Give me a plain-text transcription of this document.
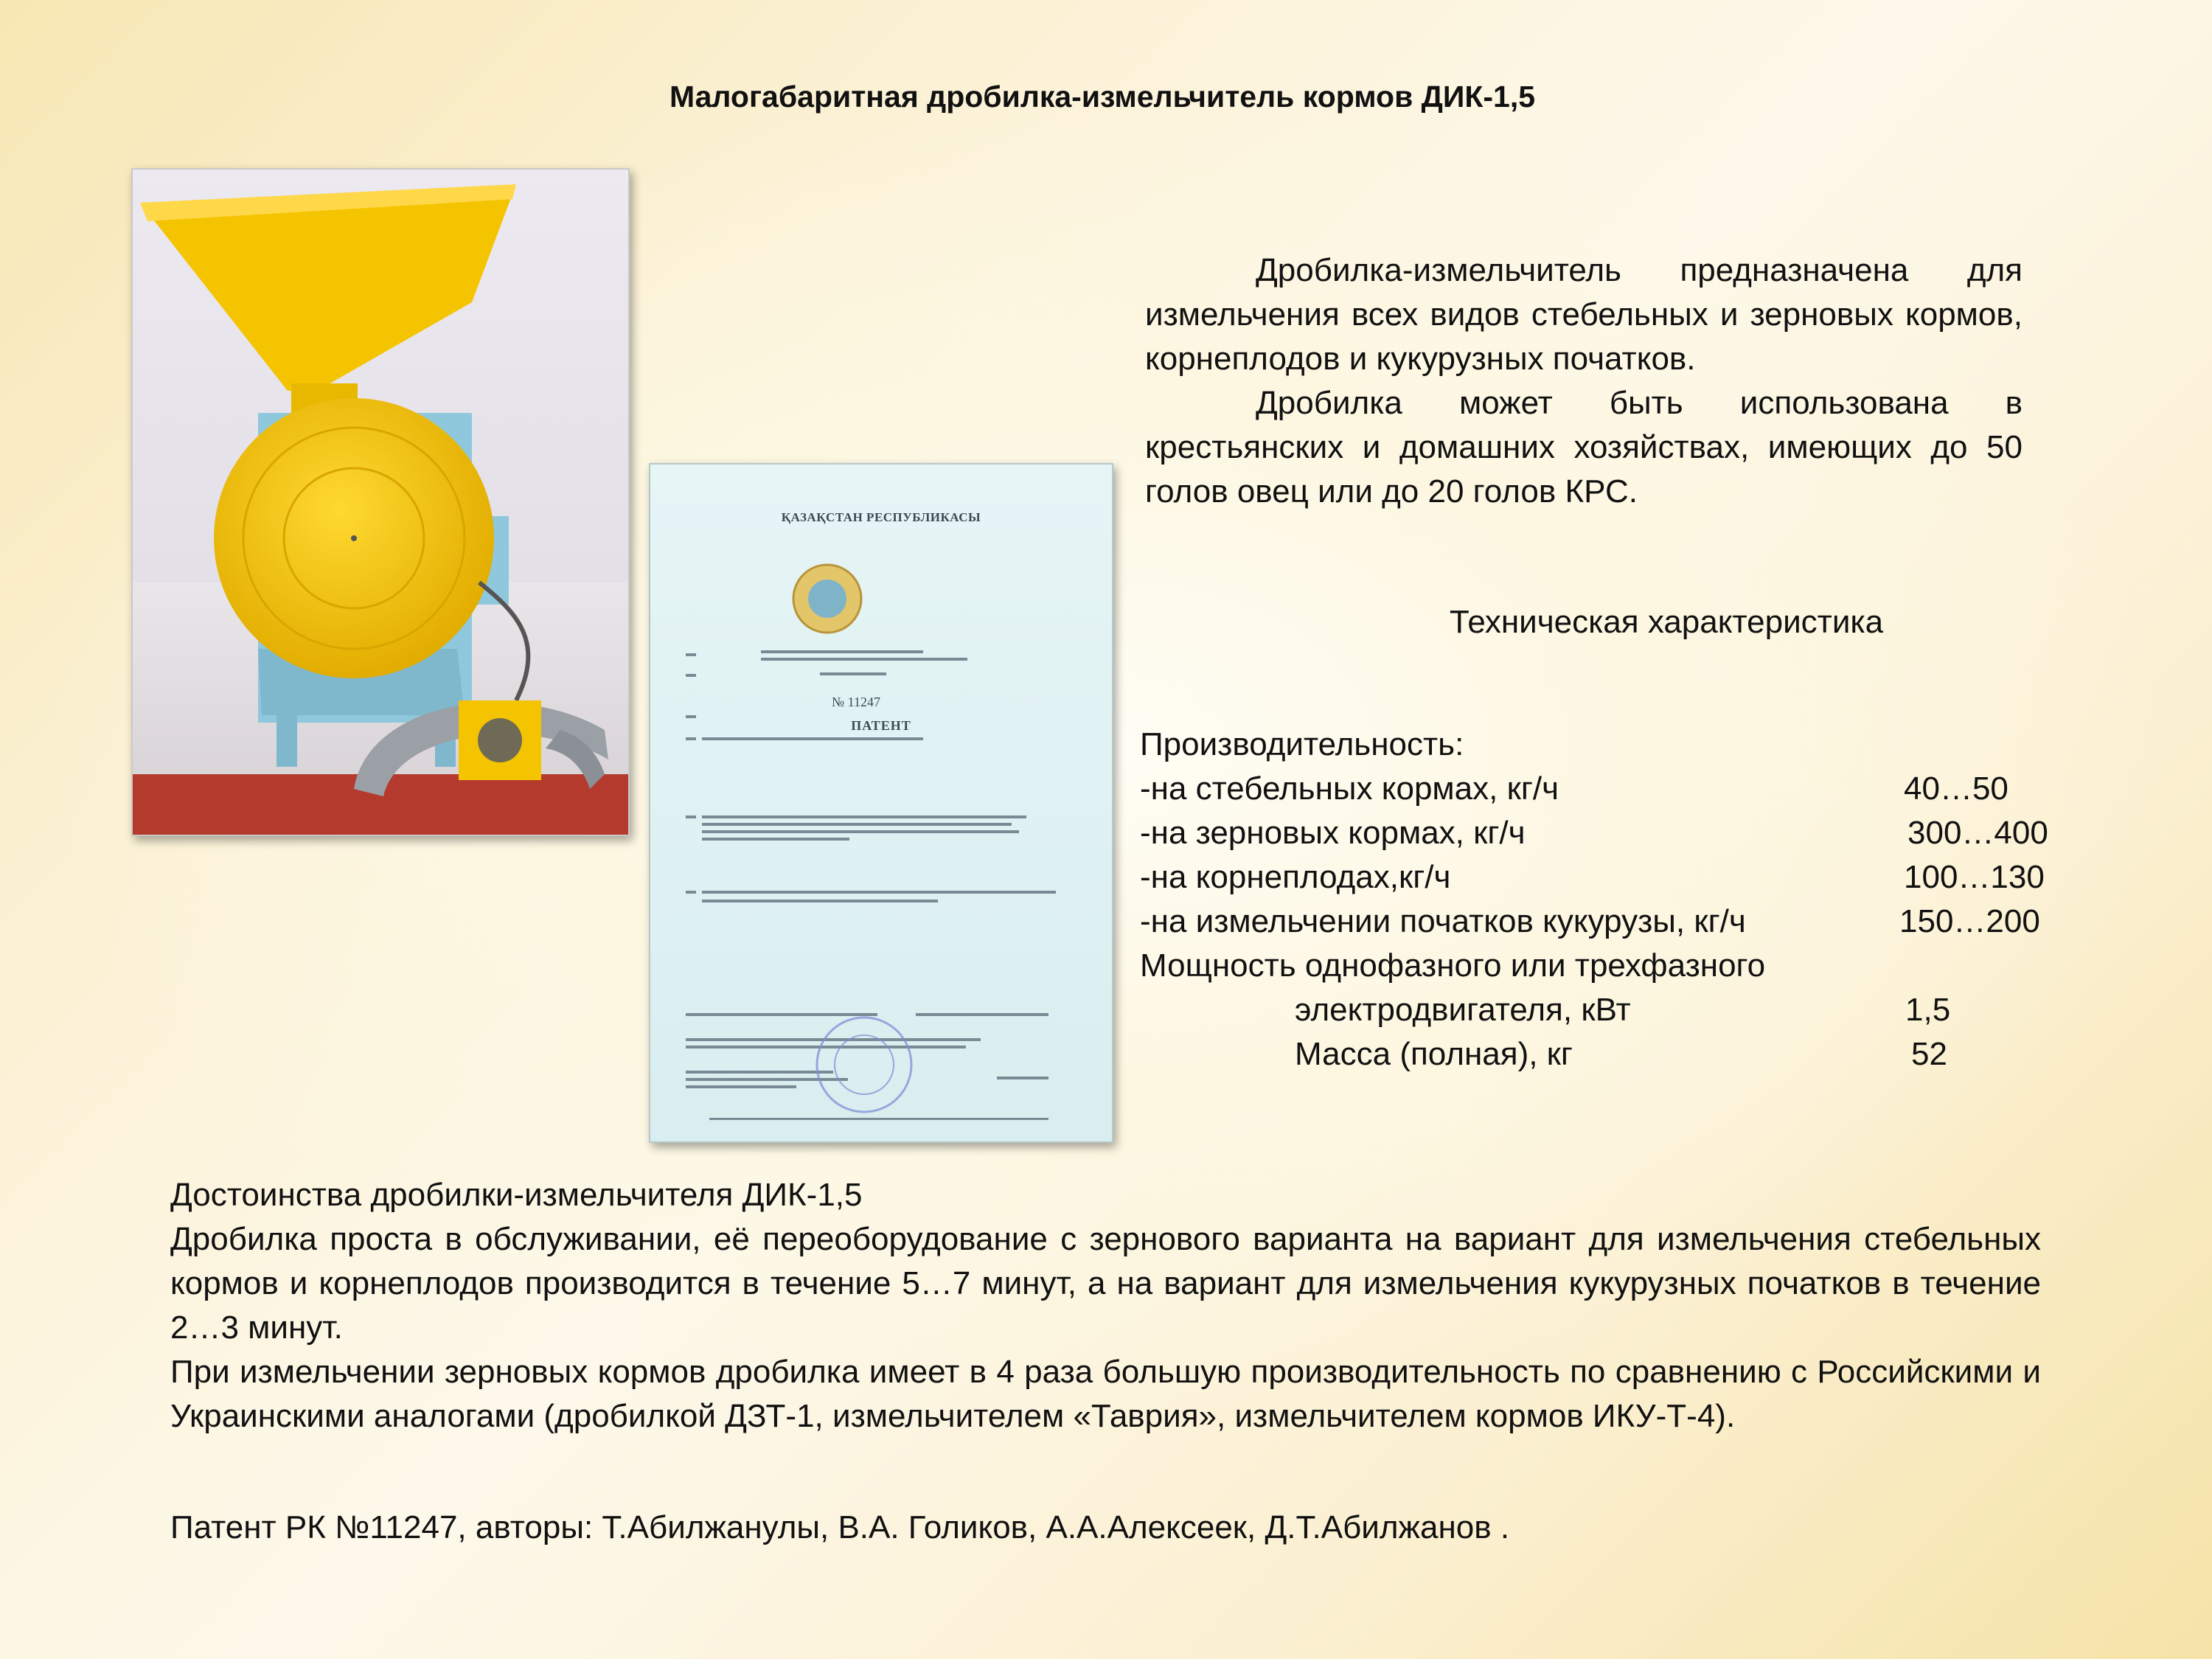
Малогабаритная дробилка-измельчитель кормов ДИК-1,5
ҚАЗАҚСТАН РЕСПУБЛИКАСЫ
№ 11247
ПАТЕНТ

Дробилка-измельчитель предназначена для измельчения всех видов стебельных и зерновых кормов, корнеплодов и кукурузных початков.

Дробилка может быть использована в крестьянских и домашних хозяйствах, имеющих до 50 голов овец или до 20 голов КРС.

Техническая характеристика
Производительность:
-на стебельных кормах, кг/ч	40…50
-на зерновых кормах, кг/ч	300…400
-на корнеплодах,кг/ч	100…130
-на измельчении початков кукурузы, кг/ч	150…200
Мощность однофазного или трехфазного
электродвигателя, кВт	1,5
Масса (полная), кг	52

Достоинства дробилки-измельчителя ДИК-1,5

Дробилка проста в обслуживании, её переоборудование с зернового варианта на вариант для измельчения стебельных кормов и корнеплодов производится в течение 5…7 минут, а на вариант для измельчения кукурузных початков в течение 2…3 минут.

При измельчении зерновых кормов дробилка имеет в 4 раза большую производительность по сравнению с Российскими и Украинскими аналогами (дробилкой ДЗТ-1, измельчителем «Таврия», измельчителем кормов ИКУ-Т-4).

Патент РК №11247, авторы: Т.Абилжанулы, В.А. Голиков, А.А.Алексеек, Д.Т.Абилжанов .
